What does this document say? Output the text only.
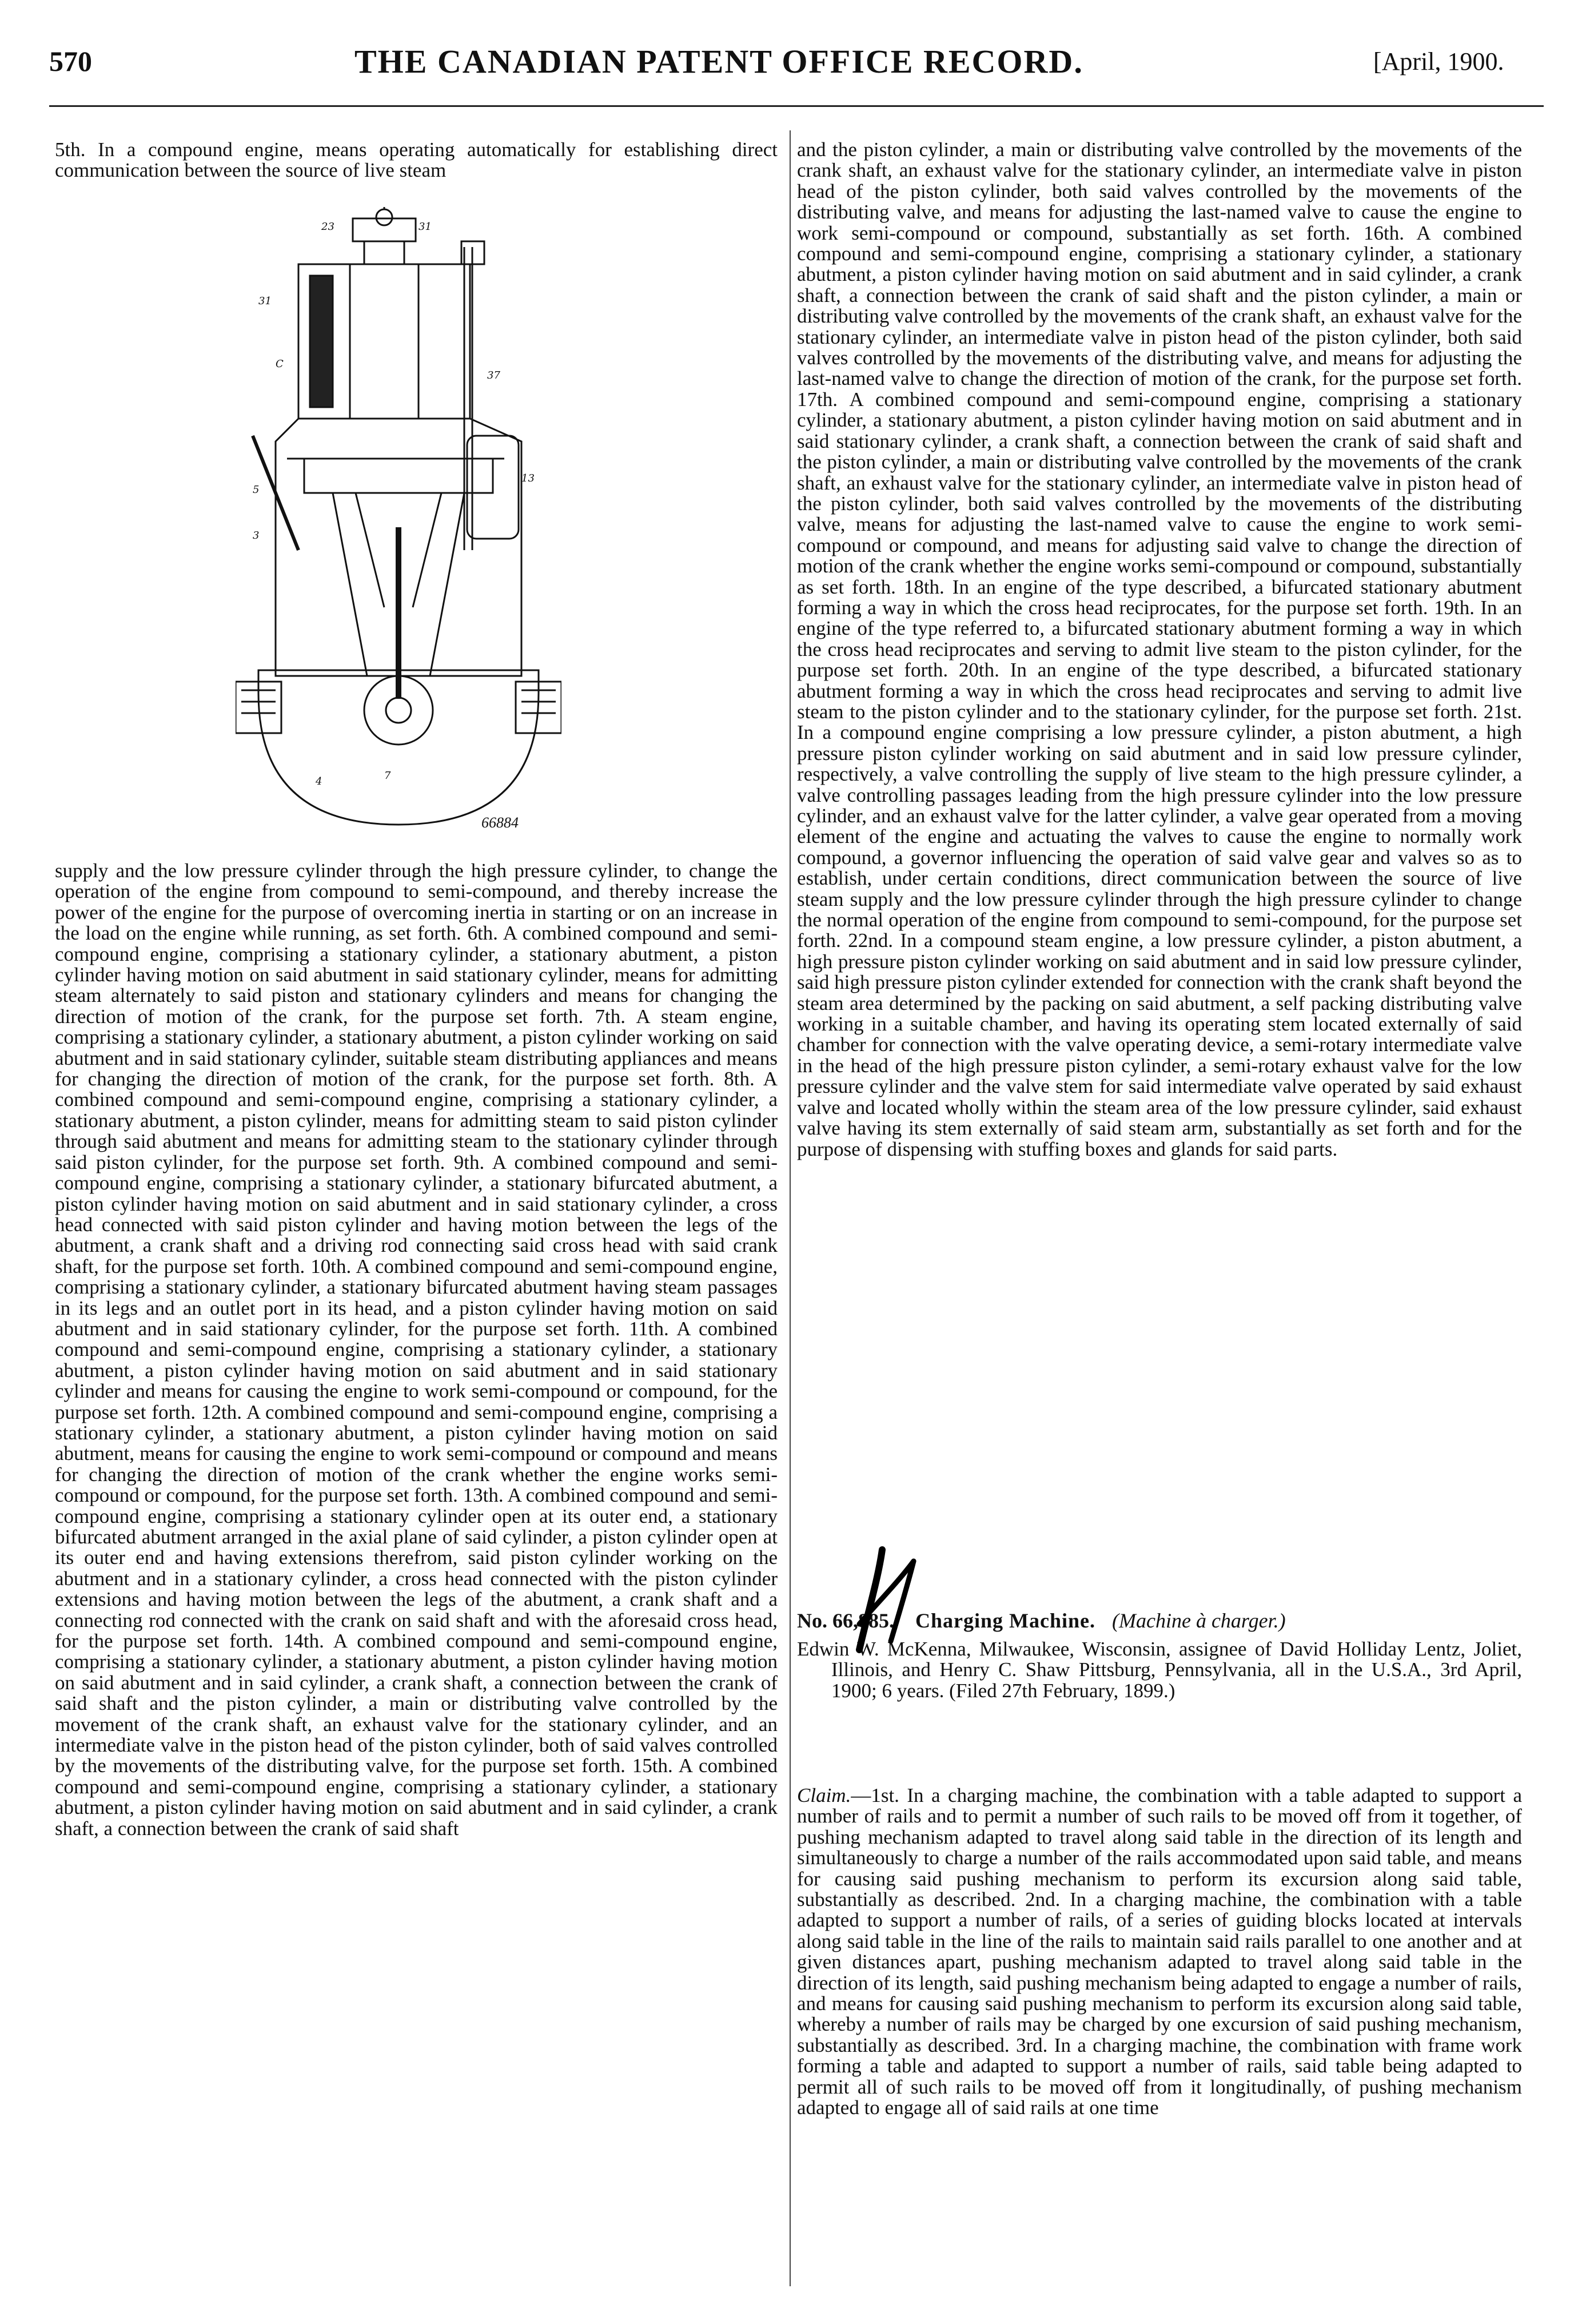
570	THE CANADIAN PATENT OFFICE RECORD.	[April, 1900.

5th. In a compound engine, means operating automatically for establishing direct communication between the source of live steam

23	31
31
C
37
13
5
3
4	7
66884

supply and the low pressure cylinder through the high pressure cylinder, to change the operation of the engine from compound to semi-compound, and thereby increase the power of the engine for the purpose of overcoming inertia in starting or on an increase in the load on the engine while running, as set forth. 6th. A combined compound and semi-compound engine, comprising a stationary cylinder, a stationary abutment, a piston cylinder having motion on said abutment in said stationary cylinder, means for admitting steam alternately to said piston and stationary cylinders and means for changing the direction of motion of the crank, for the purpose set forth. 7th. A steam engine, comprising a stationary cylinder, a stationary abutment, a piston cylinder working on said abutment and in said stationary cylinder, suitable steam distributing appliances and means for changing the direction of motion of the crank, for the purpose set forth. 8th. A combined compound and semi-compound engine, comprising a stationary cylinder, a stationary abutment, a piston cylinder, means for admitting steam to said piston cylinder through said abutment and means for admitting steam to the stationary cylinder through said piston cylinder, for the purpose set forth. 9th. A combined compound and semi-compound engine, comprising a stationary cylinder, a stationary bifurcated abutment, a piston cylinder having motion on said abutment and in said stationary cylinder, a cross head connected with said piston cylinder and having motion between the legs of the abutment, a crank shaft and a driving rod connecting said cross head with said crank shaft, for the purpose set forth. 10th. A combined compound and semi-compound engine, comprising a stationary cylinder, a stationary bifurcated abutment having steam passages in its legs and an outlet port in its head, and a piston cylinder having motion on said abutment and in said stationary cylinder, for the purpose set forth. 11th. A combined compound and semi-compound engine, comprising a stationary cylinder, a stationary abutment, a piston cylinder having motion on said abutment and in said stationary cylinder and means for causing the engine to work semi-compound or compound, for the purpose set forth. 12th. A combined compound and semi-compound engine, comprising a stationary cylinder, a stationary abutment, a piston cylinder having motion on said abutment, means for causing the engine to work semi-compound or compound and means for changing the direction of motion of the crank whether the engine works semi-compound or compound, for the purpose set forth. 13th. A combined compound and semi-compound engine, comprising a stationary cylinder open at its outer end, a stationary bifurcated abutment arranged in the axial plane of said cylinder, a piston cylinder open at its outer end and having extensions therefrom, said piston cylinder working on the abutment and in a stationary cylinder, a cross head connected with the piston cylinder extensions and having motion between the legs of the abutment, a crank shaft and a connecting rod connected with the crank on said shaft and with the aforesaid cross head, for the purpose set forth. 14th. A combined compound and semi-compound engine, comprising a stationary cylinder, a stationary abutment, a piston cylinder having motion on said abutment and in said cylinder, a crank shaft, a connection between the crank of said shaft and the piston cylinder, a main or distributing valve controlled by the movement of the crank shaft, an exhaust valve for the stationary cylinder, and an intermediate valve in the piston head of the piston cylinder, both of said valves controlled by the movements of the distributing valve, for the purpose set forth. 15th. A combined compound and semi-compound engine, comprising a stationary cylinder, a stationary abutment, a piston cylinder having motion on said abutment and in said cylinder, a crank shaft, a connection between the crank of said shaft

and the piston cylinder, a main or distributing valve controlled by the movements of the crank shaft, an exhaust valve for the stationary cylinder, an intermediate valve in piston head of the piston cylinder, both said valves controlled by the movements of the distributing valve, and means for adjusting the last-named valve to cause the engine to work semi-compound or compound, substantially as set forth. 16th. A combined compound and semi-compound engine, comprising a stationary cylinder, a stationary abutment, a piston cylinder having motion on said abutment and in said cylinder, a crank shaft, a connection between the crank of said shaft and the piston cylinder, a main or distributing valve controlled by the movements of the crank shaft, an exhaust valve for the stationary cylinder, an intermediate valve in piston head of the piston cylinder, both said valves controlled by the movements of the distributing valve, and means for adjusting the last-named valve to change the direction of motion of the crank, for the purpose set forth. 17th. A combined compound and semi-compound engine, comprising a stationary cylinder, a stationary abutment, a piston cylinder having motion on said abutment and in said stationary cylinder, a crank shaft, a connection between the crank of said shaft and the piston cylinder, a main or distributing valve controlled by the movements of the crank shaft, an exhaust valve for the stationary cylinder, an intermediate valve in piston head of the piston cylinder, both said valves controlled by the movements of the distributing valve, means for adjusting the last-named valve to cause the engine to work semi-compound or compound, and means for adjusting said valve to change the direction of motion of the crank whether the engine works semi-compound or compound, substantially as set forth. 18th. In an engine of the type described, a bifurcated stationary abutment forming a way in which the cross head reciprocates, for the purpose set forth. 19th. In an engine of the type referred to, a bifurcated stationary abutment forming a way in which the cross head reciprocates and serving to admit live steam to the piston cylinder, for the purpose set forth. 20th. In an engine of the type described, a bifurcated stationary abutment forming a way in which the cross head reciprocates and serving to admit live steam to the piston cylinder and to the stationary cylinder, for the purpose set forth. 21st. In a compound engine comprising a low pressure cylinder, a piston abutment, a high pressure piston cylinder working on said abutment and in said low pressure cylinder, respectively, a valve controlling the supply of live steam to the high pressure cylinder, a valve controlling passages leading from the high pressure cylinder into the low pressure cylinder, and an exhaust valve for the latter cylinder, a valve gear operated from a moving element of the engine and actuating the valves to cause the engine to normally work compound, a governor influencing the operation of said valve gear and valves so as to establish, under certain conditions, direct communication between the source of live steam supply and the low pressure cylinder through the high pressure cylinder to change the normal operation of the engine from compound to semi-compound, for the purpose set forth. 22nd. In a compound steam engine, a low pressure cylinder, a piston abutment, a high pressure piston cylinder working on said abutment and in said low pressure cylinder, said high pressure piston cylinder extended for connection with the crank shaft beyond the steam area determined by the packing on said abutment, a self packing distributing valve working in a suitable chamber, and having its operating stem located externally of said chamber for connection with the valve operating device, a semi-rotary intermediate valve in the head of the high pressure piston cylinder, a semi-rotary exhaust valve for the low pressure cylinder and the valve stem for said intermediate valve operated by said exhaust valve and located wholly within the steam area of the low pressure cylinder, said exhaust valve having its stem externally of said steam arm, substantially as set forth and for the purpose of dispensing with stuffing boxes and glands for said parts.

No. 66,885. Charging Machine. (Machine à charger.)

Edwin W. McKenna, Milwaukee, Wisconsin, assignee of David Holliday Lentz, Joliet, Illinois, and Henry C. Shaw Pittsburg, Pennsylvania, all in the U.S.A., 3rd April, 1900; 6 years. (Filed 27th February, 1899.)

Claim.—1st. In a charging machine, the combination with a table adapted to support a number of rails and to permit a number of such rails to be moved off from it together, of pushing mechanism adapted to travel along said table in the direction of its length and simultaneously to charge a number of the rails accommodated upon said table, and means for causing said pushing mechanism to perform its excursion along said table, substantially as described. 2nd. In a charging machine, the combination with a table adapted to support a number of rails, of a series of guiding blocks located at intervals along said table in the line of the rails to maintain said rails parallel to one another and at given distances apart, pushing mechanism adapted to travel along said table in the direction of its length, said pushing mechanism being adapted to engage a number of rails, and means for causing said pushing mechanism to perform its excursion along said table, whereby a number of rails may be charged by one excursion of said pushing mechanism, substantially as described. 3rd. In a charging machine, the combination with frame work forming a table and adapted to support a number of rails, said table being adapted to permit all of such rails to be moved off from it longitudinally, of pushing mechanism adapted to engage all of said rails at one time
